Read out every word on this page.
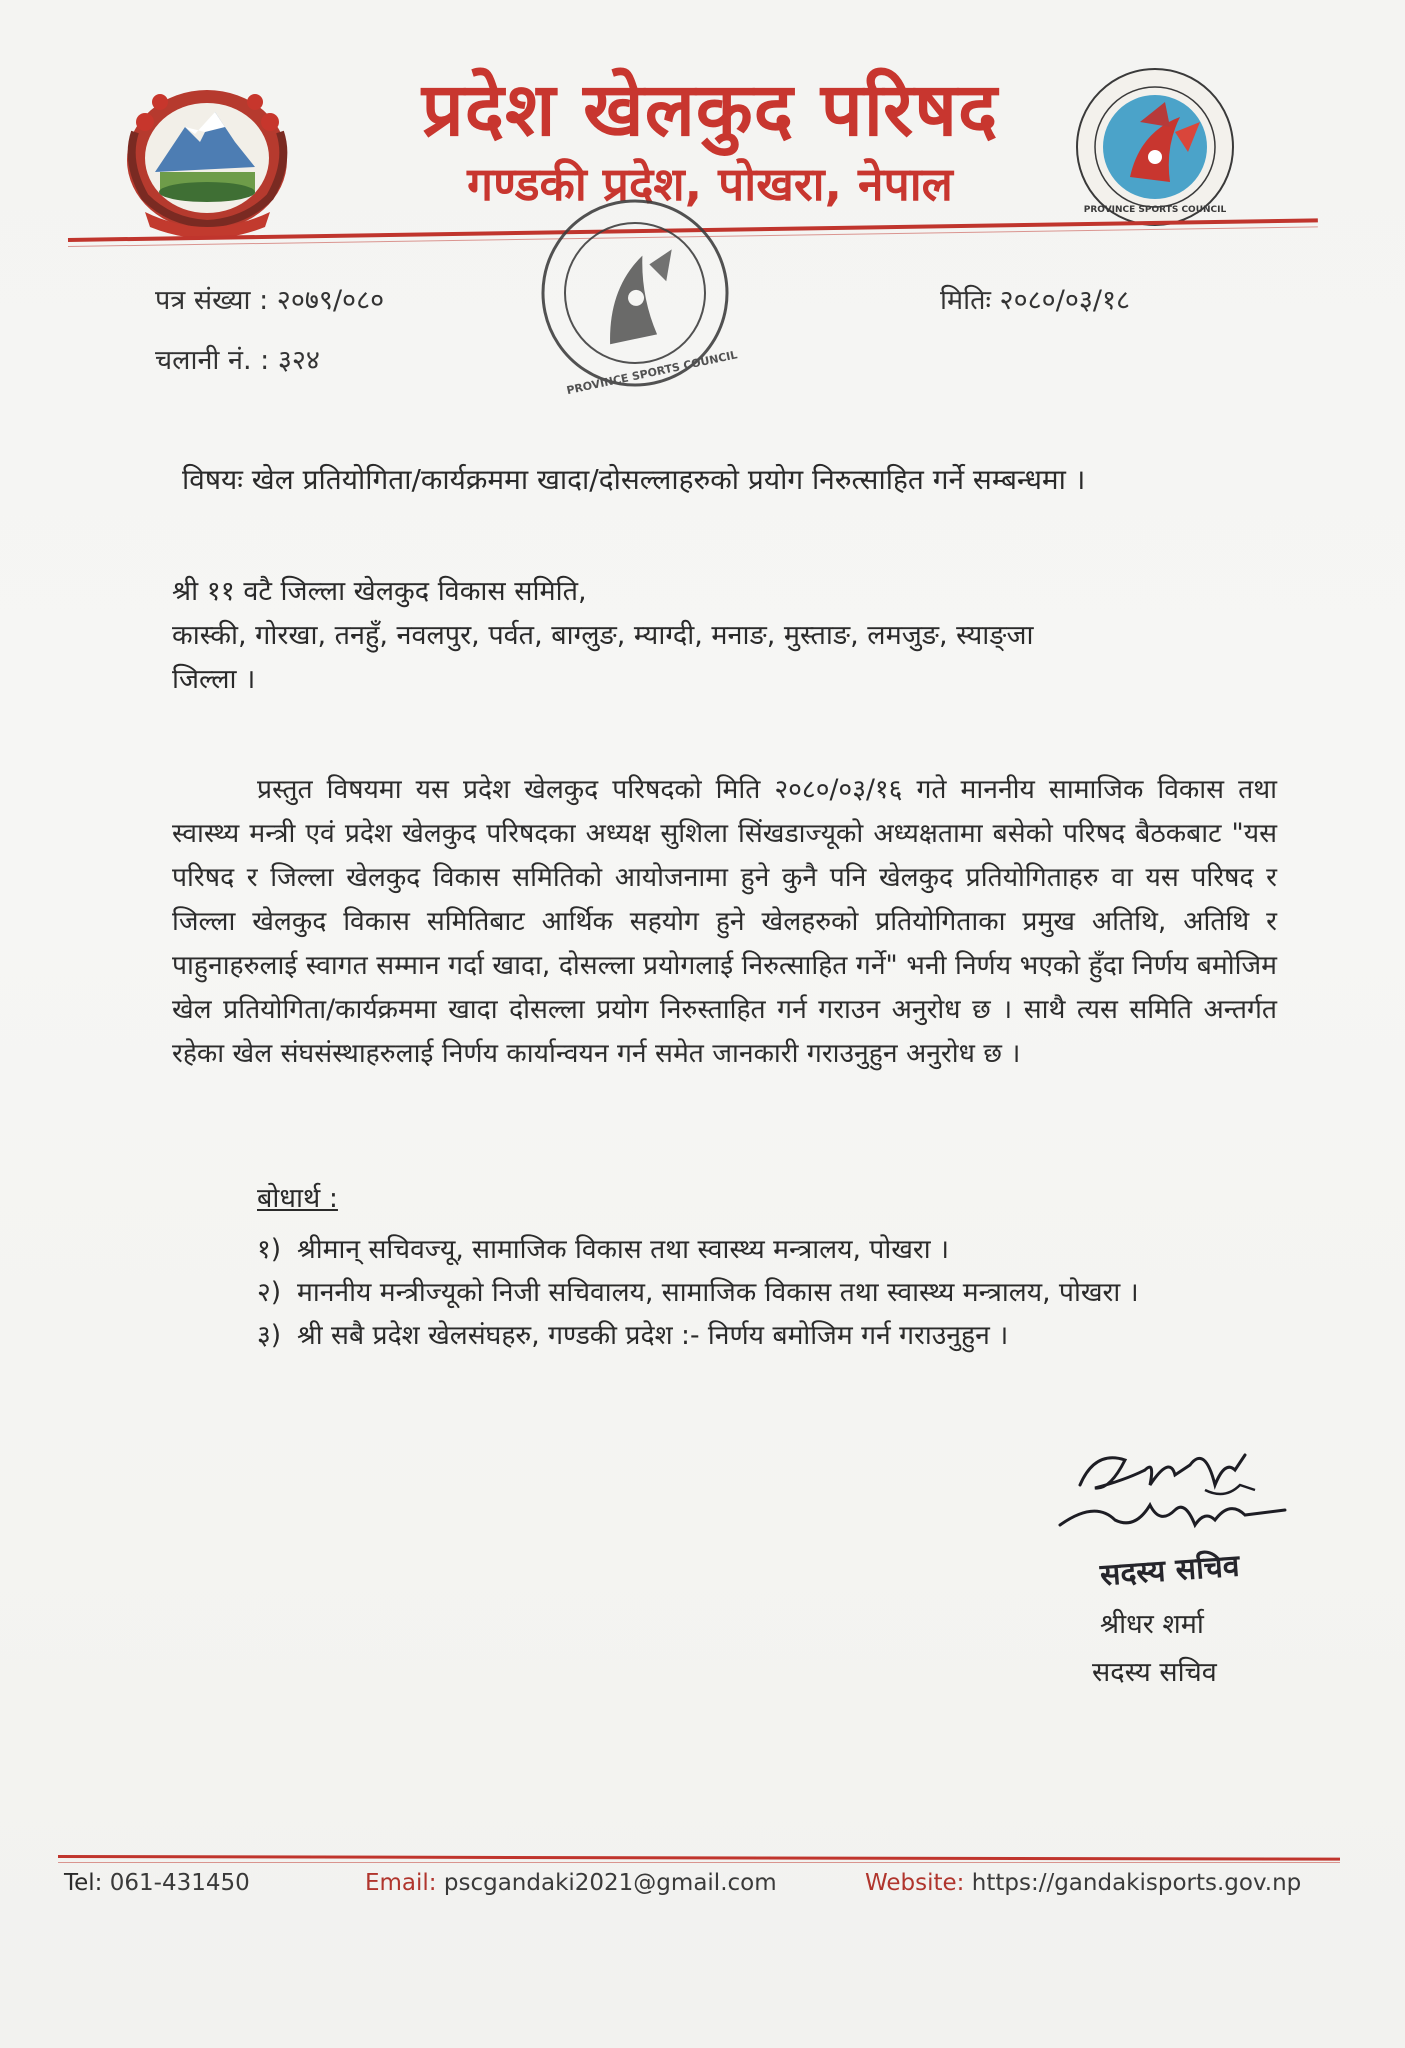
प्रदेश खेलकुद परिषद
गण्डकी प्रदेश, पोखरा, नेपाल	PROVINCE SPORTS COUNCIL
PROVINCE SPORTS COUNCIL
पत्र संख्या : २०७९/०८०
चलानी नं. : ३२४
मितिः २०८०/०३/१८
विषयः खेल प्रतियोगिता/कार्यक्रममा खादा/दोसल्लाहरुको प्रयोग निरुत्साहित गर्ने सम्बन्धमा ।
श्री ११ वटै जिल्ला खेलकुद विकास समिति,
कास्की, गोरखा, तनहुँ, नवलपुर, पर्वत, बाग्लुङ, म्याग्दी, मनाङ, मुस्ताङ, लमजुङ, स्याङ्जा
जिल्ला ।
प्रस्तुत विषयमा यस प्रदेश खेलकुद परिषदको मिति २०८०/०३/१६ गते माननीय सामाजिक विकास तथा स्वास्थ्य मन्त्री एवं प्रदेश खेलकुद परिषदका अध्यक्ष सुशिला सिंखडाज्यूको अध्यक्षतामा बसेको परिषद बैठकबाट "यस परिषद र जिल्ला खेलकुद विकास समितिको आयोजनामा हुने कुनै पनि खेलकुद प्रतियोगिताहरु वा यस परिषद र जिल्ला खेलकुद विकास समितिबाट आर्थिक सहयोग हुने खेलहरुको प्रतियोगिताका प्रमुख अतिथि, अतिथि र पाहुनाहरुलाई स्वागत सम्मान गर्दा खादा, दोसल्ला प्रयोगलाई निरुत्साहित गर्ने" भनी निर्णय भएको हुँदा निर्णय बमोजिम खेल प्रतियोगिता/कार्यक्रममा खादा दोसल्ला प्रयोग निरुस्ताहित गर्न गराउन अनुरोध छ । साथै त्यस समिति अन्तर्गत रहेका खेल संघसंस्थाहरुलाई निर्णय कार्यान्वयन गर्न समेत जानकारी गराउनुहुन अनुरोध छ ।
बोधार्थ :
१) श्रीमान् सचिवज्यू, सामाजिक विकास तथा स्वास्थ्य मन्त्रालय, पोखरा ।
२) माननीय मन्त्रीज्यूको निजी सचिवालय, सामाजिक विकास तथा स्वास्थ्य मन्त्रालय, पोखरा ।
३) श्री सबै प्रदेश खेलसंघहरु, गण्डकी प्रदेश :- निर्णय बमोजिम गर्न गराउनुहुन ।
सदस्य सचिव
श्रीधर शर्मा
सदस्य सचिव
Tel: 061-431450	Email: pscgandaki2021@gmail.com	Website: https://gandakisports.gov.np
